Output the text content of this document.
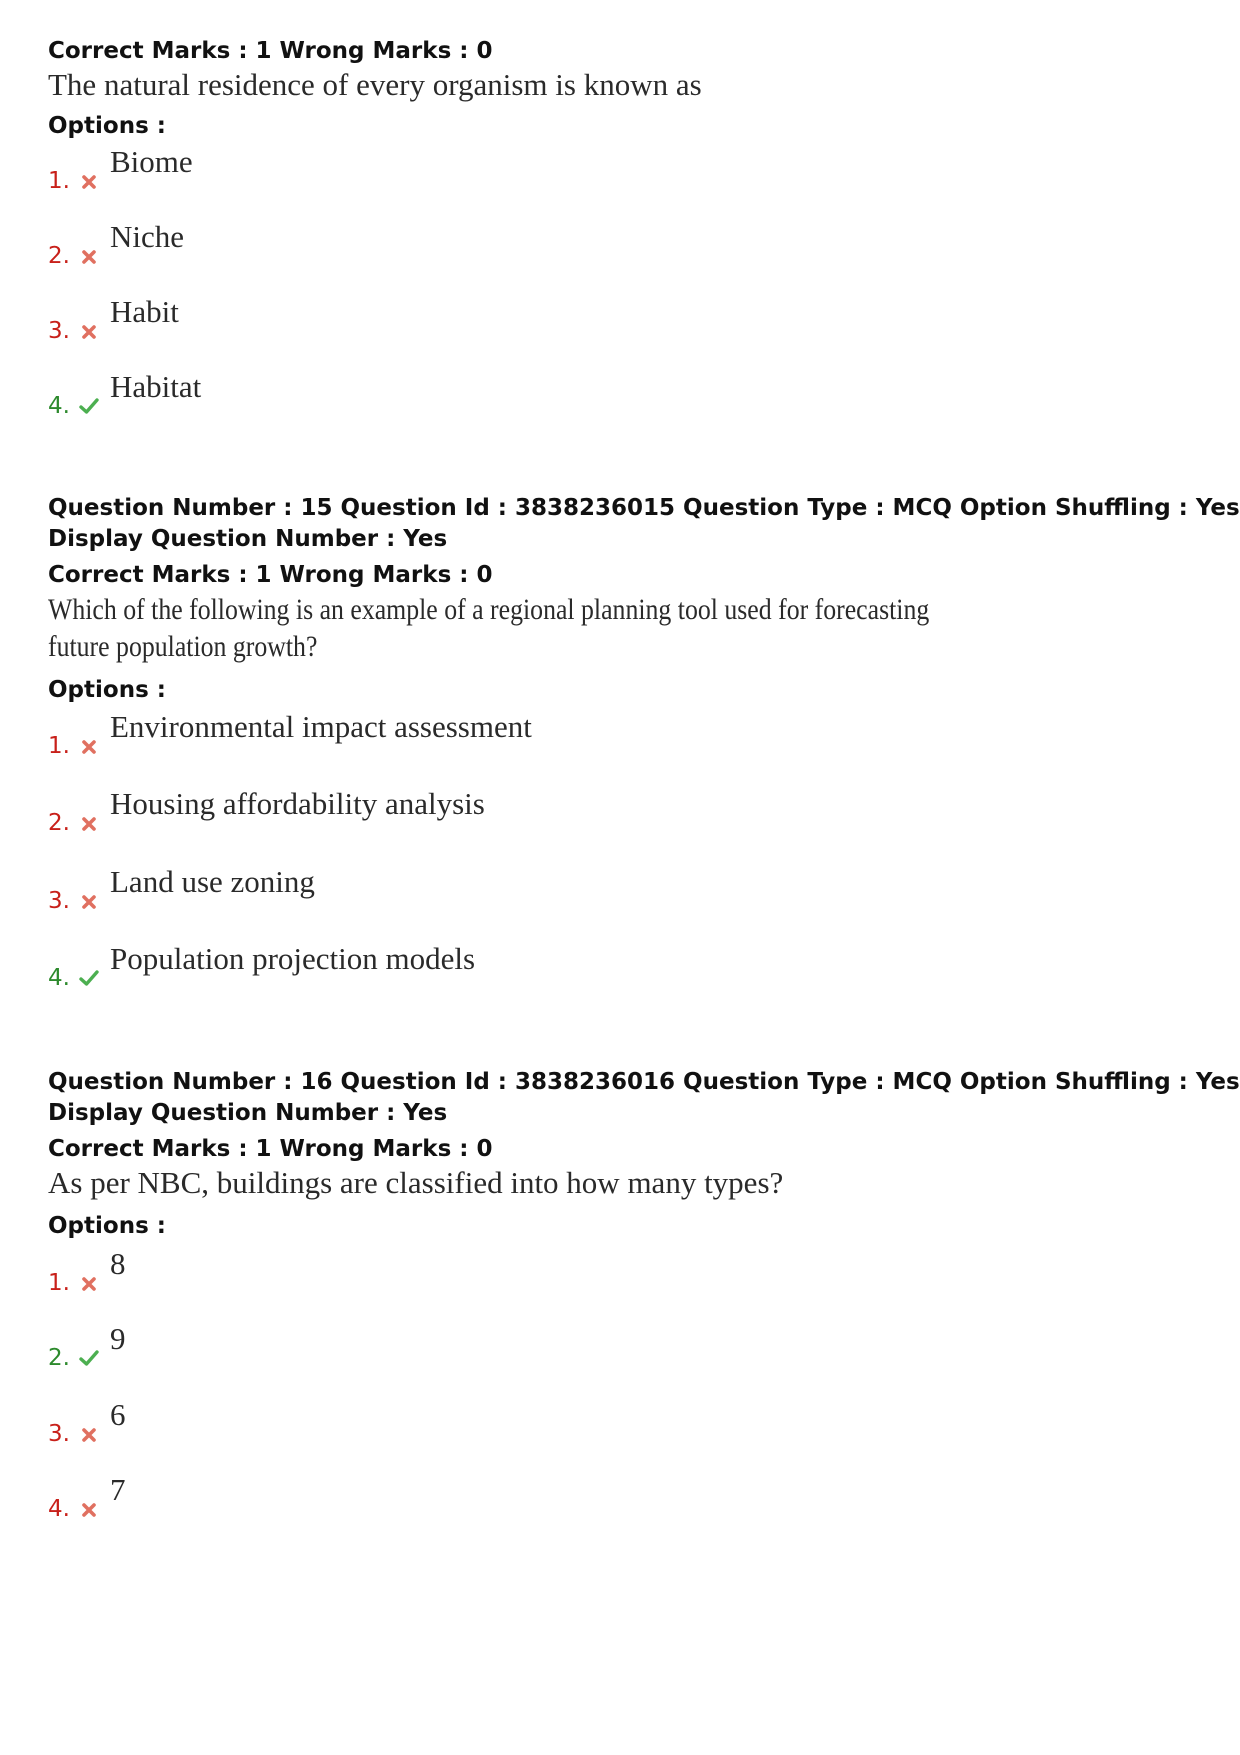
Correct Marks : 1 Wrong Marks : 0

The natural residence of every organism is known as

Options :

1.
Biome
2.
Niche
3.
Habit
4.
Habitat

Question Number : 15 Question Id : 3838236015 Question Type : MCQ Option Shuffling : Yes

Display Question Number : Yes

Correct Marks : 1 Wrong Marks : 0

Which of the following is an example of a regional planning tool used for forecasting

future population growth?

Options :

1.
Environmental impact assessment
2.
Housing affordability analysis
3.
Land use zoning
4.
Population projection models

Question Number : 16 Question Id : 3838236016 Question Type : MCQ Option Shuffling : Yes

Display Question Number : Yes

Correct Marks : 1 Wrong Marks : 0

As per NBC, buildings are classified into how many types?

Options :

1.
8
2.
9
3.
6
4.
7
